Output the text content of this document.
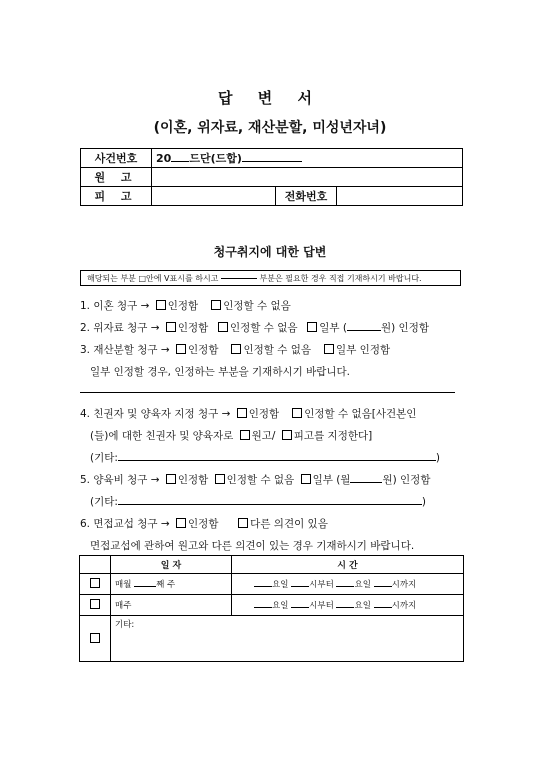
답 변 서
(이혼, 위자료, 재산분할, 미성년자녀)
사건번호	20 드단(드합)		
원 고			
피 고		전화번호	
청구취지에 대한 답변
해당되는 부분 □안에 V표시를 하시고	부분은 필요한 경우 직접 기재하시기 바랍니다.
1. 이혼 청구 → 인정함 인정할 수 없음
2. 위자료 청구 → 인정함 인정할 수 없음 일부 (	원) 인정함
3. 재산분할 청구 → 인정함 인정할 수 없음 일부 인정함
일부 인정할 경우, 인정하는 부분을 기재하시기 바랍니다.
4. 친권자 및 양육자 지정 청구 → 인정함 인정할 수 없음[사건본인
(들)에 대한 친권자 및 양육자로 원고/ 피고를 지정한다]
(기타:	)
5. 양육비 청구 → 인정함 인정할 수 없음 일부 (월	원) 인정함
(기타:	)
6. 면접교섭 청구 → 인정함	다른 의견이 있음
면접교섭에 관하여 원고와 다른 의견이 있는 경우 기재하시기 바랍니다.
	일 자	시 간
	매월 째 주	요일 시부터 요일 시까지
	매주	요일 시부터 요일 시까지
	기타:	
